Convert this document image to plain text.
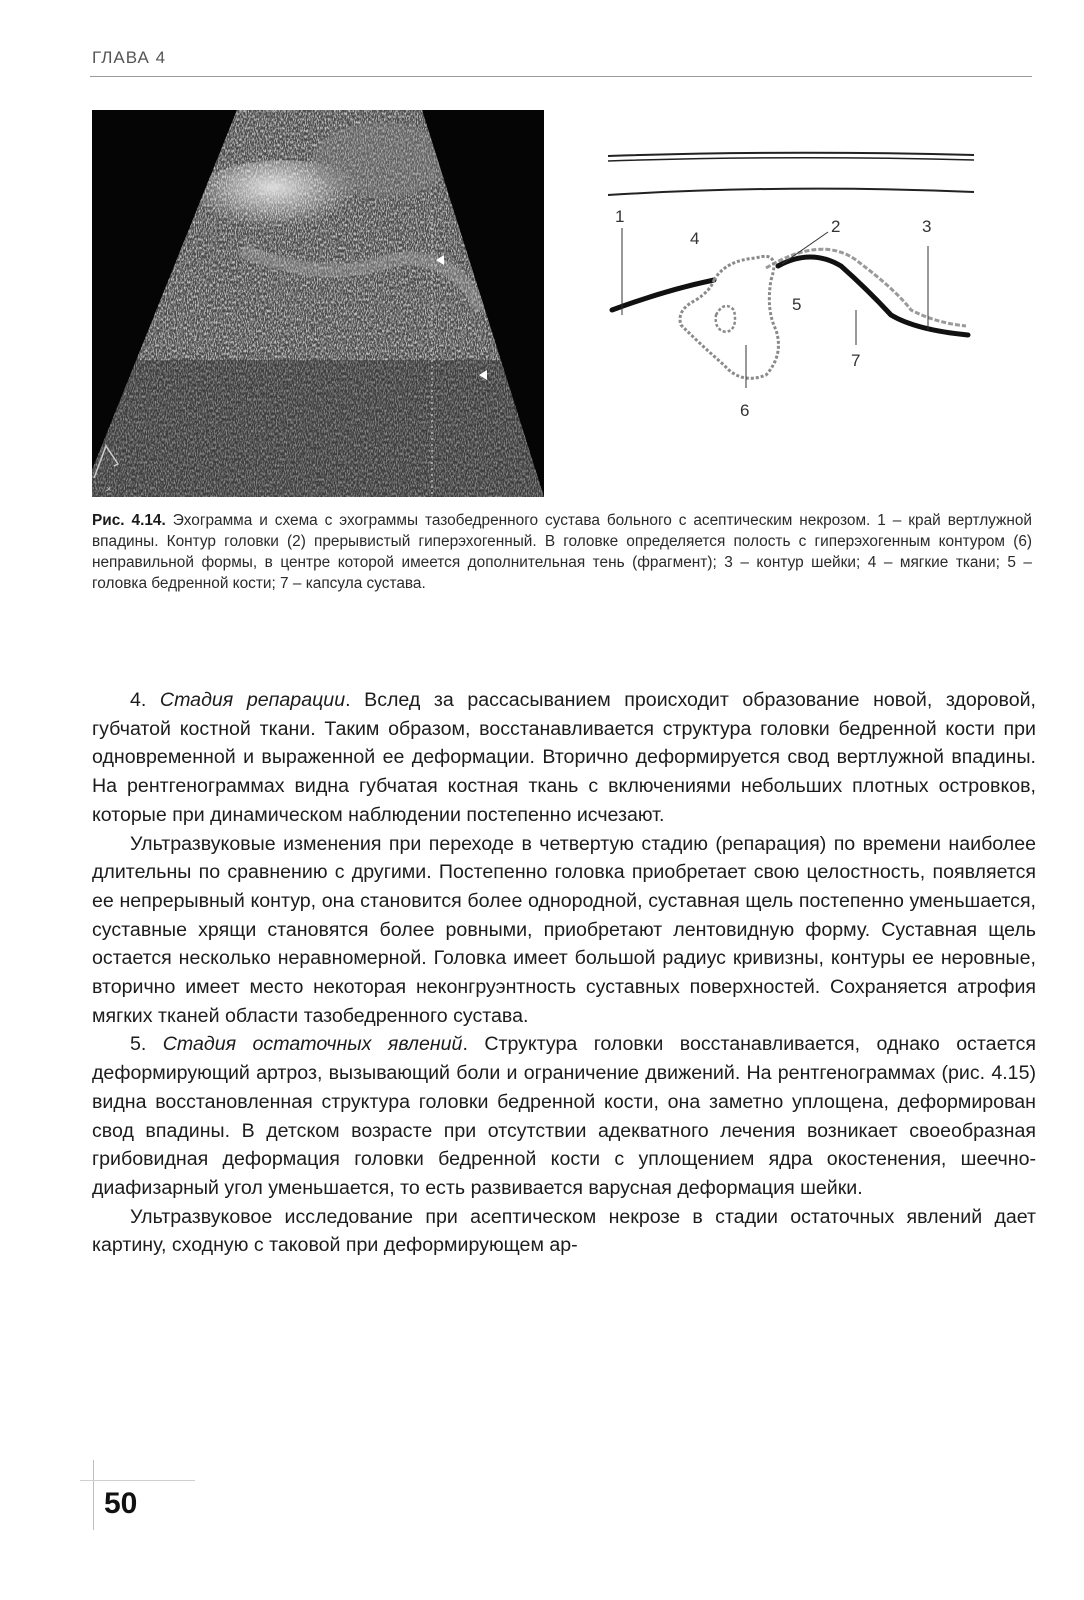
ГЛАВА 4
×
1
2	3
4
5
6
7
Рис. 4.14. Эхограмма и схема с эхограммы тазобедренного сустава больного с асептическим некрозом. 1 – край вертлужной впадины. Контур головки (2) прерывистый гиперэхогенный. В головке определяется полость с гиперэхогенным контуром (6) неправильной формы, в центре которой имеется дополнительная тень (фрагмент); 3 – контур шейки; 4 – мягкие ткани; 5 – головка бедренной кости; 7 – капсула сустава.

4. Стадия репарации. Вслед за рассасыванием происходит образование новой, здоровой, губчатой костной ткани. Таким образом, восстанавливается структура головки бедренной кости при одновременной и выраженной ее деформации. Вторично деформируется свод вертлужной впадины. На рентгенограммах видна губчатая костная ткань с включениями небольших плотных островков, которые при динамическом наблюдении постепенно исчезают.

Ультразвуковые изменения при переходе в четвертую стадию (репарация) по времени наиболее длительны по сравнению с другими. Постепенно головка приобретает свою целостность, появляется ее непрерывный контур, она становится более однородной, суставная щель постепенно уменьшается, суставные хрящи становятся более ровными, приобретают лентовидную форму. Суставная щель остается несколько неравномерной. Головка имеет большой радиус кривизны, контуры ее неровные, вторично имеет место некоторая неконгруэнтность суставных поверхностей. Сохраняется атрофия мягких тканей области тазобедренного сустава.

5. Стадия остаточных явлений. Структура головки восстанавливается, однако остается деформирующий артроз, вызывающий боли и ограничение движений. На рентгенограммах (рис. 4.15) видна восстановленная структура головки бедренной кости, она заметно уплощена, деформирован свод впадины. В детском возрасте при отсутствии адекватного лечения возникает своеобразная грибовидная деформация головки бедренной кости с уплощением ядра окостенения, шеечно-диафизарный угол уменьшается, то есть развивается варусная деформация шейки.

Ультразвуковое исследование при асептическом некрозе в стадии остаточных явлений дает картину, сходную с таковой при деформирующем ар-

50
